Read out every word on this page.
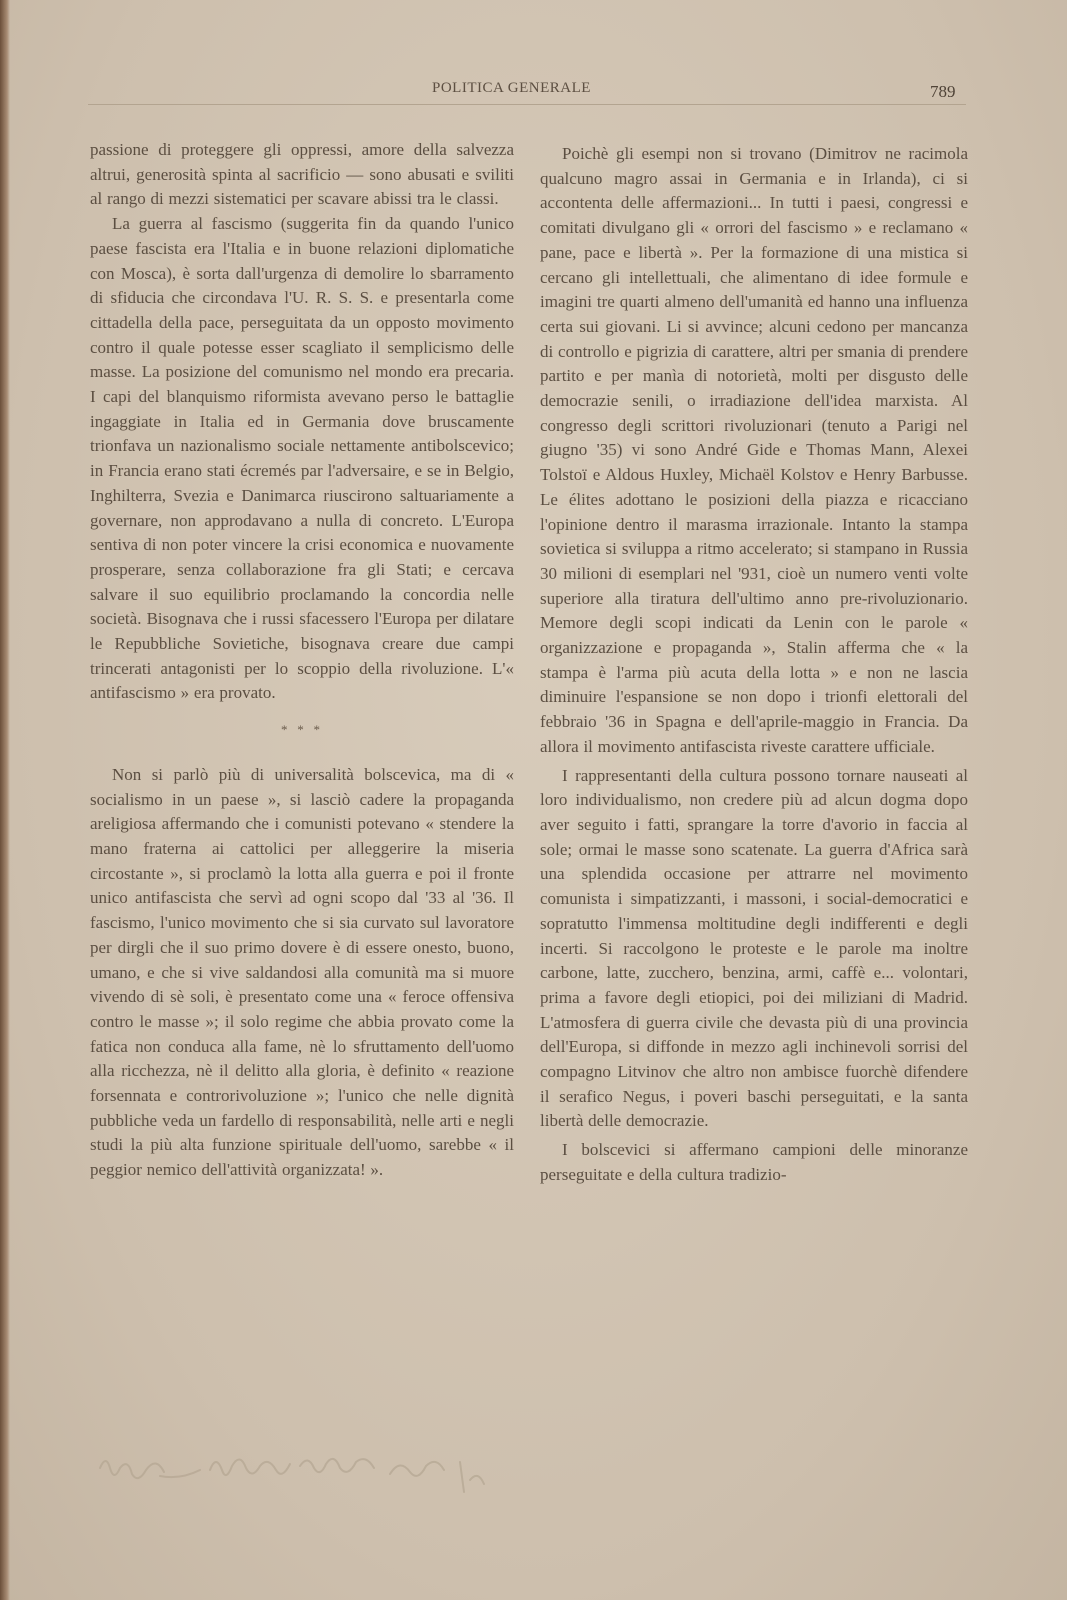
POLITICA GENERALE	789

passione di proteggere gli oppressi, amore della salvezza altrui, generosità spinta al sacrificio — sono abusati e sviliti al rango di mezzi sistematici per scavare abissi tra le classi.

La guerra al fascismo (suggerita fin da quando l'unico paese fascista era l'Italia e in buone relazioni diplomatiche con Mosca), è sorta dall'urgenza di demolire lo sbarramento di sfiducia che circondava l'U. R. S. S. e presentarla come cittadella della pace, perseguitata da un opposto movimento contro il quale potesse esser scagliato il semplicismo delle masse. La posizione del comunismo nel mondo era precaria. I capi del blanquismo riformista avevano perso le battaglie ingaggiate in Italia ed in Germania dove bruscamente trionfava un nazionalismo sociale nettamente antibolscevico; in Francia erano stati écremés par l'adversaire, e se in Belgio, Inghilterra, Svezia e Danimarca riuscirono saltuariamente a governare, non approdavano a nulla di concreto. L'Europa sentiva di non poter vincere la crisi economica e nuovamente prosperare, senza collaborazione fra gli Stati; e cercava salvare il suo equilibrio proclamando la concordia nelle società. Bisognava che i russi sfacessero l'Europa per dilatare le Repubbliche Sovietiche, bisognava creare due campi trincerati antagonisti per lo scoppio della rivoluzione. L'« antifascismo » era provato.

* * *

Non si parlò più di universalità bolscevica, ma di « socialismo in un paese », si lasciò cadere la propaganda areligiosa affermando che i comunisti potevano « stendere la mano fraterna ai cattolici per alleggerire la miseria circostante », si proclamò la lotta alla guerra e poi il fronte unico antifascista che servì ad ogni scopo dal '33 al '36. Il fascismo, l'unico movimento che si sia curvato sul lavoratore per dirgli che il suo primo dovere è di essere onesto, buono, umano, e che si vive saldandosi alla comunità ma si muore vivendo di sè soli, è presentato come una « feroce offensiva contro le masse »; il solo regime che abbia provato come la fatica non conduca alla fame, nè lo sfruttamento dell'uomo alla ricchezza, nè il delitto alla gloria, è definito « reazione forsennata e controrivoluzione »; l'unico che nelle dignità pubbliche veda un fardello di responsabilità, nelle arti e negli studi la più alta funzione spirituale dell'uomo, sarebbe « il peggior nemico dell'attività organizzata! ».

Poichè gli esempi non si trovano (Dimitrov ne racimola qualcuno magro assai in Germania e in Irlanda), ci si accontenta delle affermazioni... In tutti i paesi, congressi e comitati divulgano gli « orrori del fascismo » e reclamano « pane, pace e libertà ». Per la formazione di una mistica si cercano gli intellettuali, che alimentano di idee formule e imagini tre quarti almeno dell'umanità ed hanno una influenza certa sui giovani. Li si avvince; alcuni cedono per mancanza di controllo e pigrizia di carattere, altri per smania di prendere partito e per manìa di notorietà, molti per disgusto delle democrazie senili, o irradiazione dell'idea marxista. Al congresso degli scrittori rivoluzionari (tenuto a Parigi nel giugno '35) vi sono André Gide e Thomas Mann, Alexei Tolstoï e Aldous Huxley, Michaël Kolstov e Henry Barbusse. Le élites adottano le posizioni della piazza e ricacciano l'opinione dentro il marasma irrazionale. Intanto la stampa sovietica si sviluppa a ritmo accelerato; si stampano in Russia 30 milioni di esemplari nel '931, cioè un numero venti volte superiore alla tiratura dell'ultimo anno pre-rivoluzionario. Memore degli scopi indicati da Lenin con le parole « organizzazione e propaganda », Stalin afferma che « la stampa è l'arma più acuta della lotta » e non ne lascia diminuire l'espansione se non dopo i trionfi elettorali del febbraio '36 in Spagna e dell'aprile-maggio in Francia. Da allora il movimento antifascista riveste carattere ufficiale.

I rappresentanti della cultura possono tornare nauseati al loro individualismo, non credere più ad alcun dogma dopo aver seguito i fatti, sprangare la torre d'avorio in faccia al sole; ormai le masse sono scatenate. La guerra d'Africa sarà una splendida occasione per attrarre nel movimento comunista i simpatizzanti, i massoni, i social-democratici e sopratutto l'immensa moltitudine degli indifferenti e degli incerti. Si raccolgono le proteste e le parole ma inoltre carbone, latte, zucchero, benzina, armi, caffè e... volontari, prima a favore degli etiopici, poi dei miliziani di Madrid. L'atmosfera di guerra civile che devasta più di una provincia dell'Europa, si diffonde in mezzo agli inchinevoli sorrisi del compagno Litvinov che altro non ambisce fuorchè difendere il serafico Negus, i poveri baschi perseguitati, e la santa libertà delle democrazie.

I bolscevici si affermano campioni delle minoranze perseguitate e della cultura tradizio-
